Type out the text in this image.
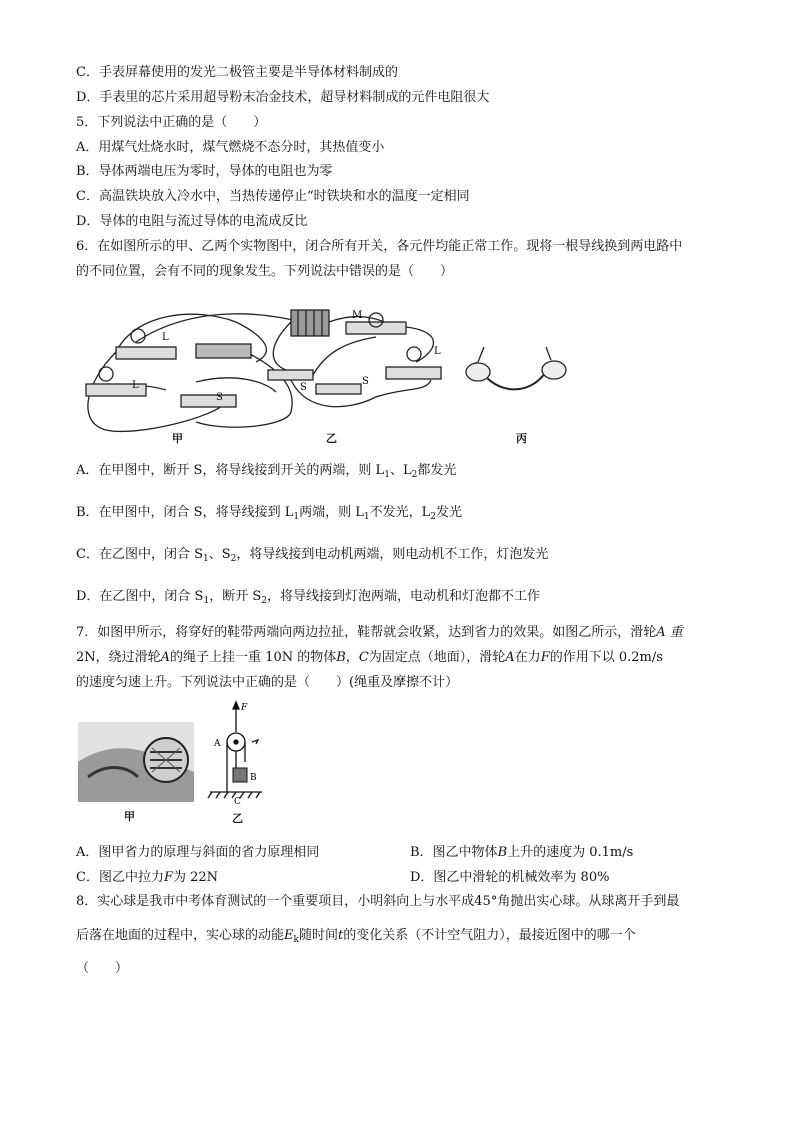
C．手表屏幕使用的发光二极管主要是半导体材料制成的
D．手表里的芯片采用超导粉末冶金技术，超导材料制成的元件电阻很大
5．下列说法中正确的是（　　）
A．用煤气灶烧水时，煤气燃烧不态分时，其热值变小
B．导体两端电压为零时，导体的电阻也为零
C．高温铁块放入冷水中，当热传递停止“时铁块和水的温度一定相同
D．导体的电阻与流过导体的电流成反比
6．在如图所示的甲、乙两个实物图中，闭合所有开关，各元件均能正常工作。现将一根导线换到两电路中
的不同位置，会有不同的现象发生。下列说法中错误的是（　　）
L
L
S
M
S
S
L
甲	乙	丙
A．在甲图中，断开 S，将导线接到开关的两端，则 $L_1$、$L_2$都发光
B．在甲图中，闭合 S，将导线接到 $L_1$两端，则 $L_1$不发光，$L_2$发光
C．在乙图中，闭合 $S_1$、$S_2$，将导线接到电动机两端，则电动机不工作，灯泡发光
D．在乙图中，闭合 $S_1$，断开 $S_2$，将导线接到灯泡两端，电动机和灯泡都不工作
7．如图甲所示，将穿好的鞋带两端向两边拉扯，鞋帮就会收紧，达到省力的效果。如图乙所示，滑轮A 重
2N，绕过滑轮A的绳子上挂一重 10N 的物体B，C为固定点（地面），滑轮A在力F的作用下以 0.2m/s
的速度匀速上升。下列说法中正确的是（　　）(绳重及摩擦不计）
F
A
B
C
甲	乙
A．图甲省力的原理与斜面的省力原理相同	B．图乙中物体B上升的速度为 0.1m/s
C．图乙中拉力F为 22N	D．图乙中滑轮的机械效率为 80%
8．实心球是我市中考体育测试的一个重要项目，小明斜向上与水平成45°角抛出实心球。从球离开手到最
后落在地面的过程中，实心球的动能$E_k$随时间t的变化关系（不计空气阻力），最接近图中的哪一个
（　　）
